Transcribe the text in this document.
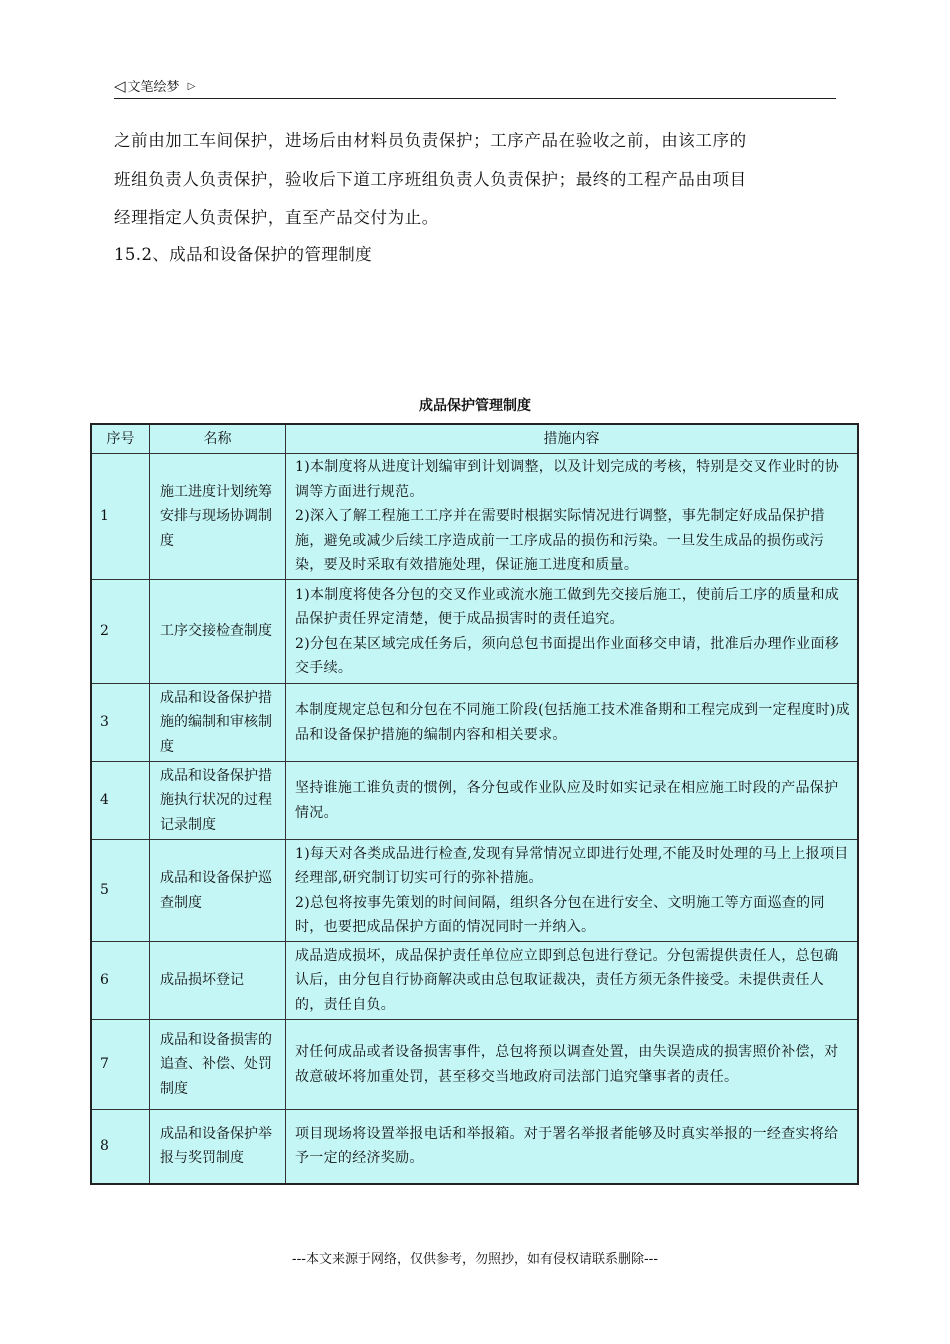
◁ 文笔绘梦 ▷

之前由加工车间保护，进场后由材料员负责保护；工序产品在验收之前，由该工序的

班组负责人负责保护，验收后下道工序班组负责人负责保护；最终的工程产品由项目

经理指定人负责保护，直至产品交付为止。

15.2、成品和设备保护的管理制度
成品保护管理制度
序号	名称	措施内容
1	施工进度计划统筹安排与现场协调制度	1)本制度将从进度计划编审到计划调整，以及计划完成的考核，特别是交叉作业时的协调等方面进行规范。
2)深入了解工程施工工序并在需要时根据实际情况进行调整，事先制定好成品保护措施，避免或减少后续工序造成前一工序成品的损伤和污染。一旦发生成品的损伤或污染，要及时采取有效措施处理，保证施工进度和质量。

2	工序交接检查制度	1)本制度将使各分包的交叉作业或流水施工做到先交接后施工，使前后工序的质量和成品保护责任界定清楚，便于成品损害时的责任追究。
2)分包在某区域完成任务后，须向总包书面提出作业面移交申请，批准后办理作业面移交手续。

3	成品和设备保护措施的编制和审核制度	本制度规定总包和分包在不同施工阶段(包括施工技术准备期和工程完成到一定程度时)成品和设备保护措施的编制内容和相关要求。

4	成品和设备保护措施执行状况的过程记录制度	坚持谁施工谁负责的惯例，各分包或作业队应及时如实记录在相应施工时段的产品保护情况。

5	成品和设备保护巡查制度	1)每天对各类成品进行检查,发现有异常情况立即进行处理,不能及时处理的马上上报项目经理部,研究制订切实可行的弥补措施。
2)总包将按事先策划的时间间隔，组织各分包在进行安全、文明施工等方面巡查的同时，也要把成品保护方面的情况同时一并纳入。

6	成品损坏登记	成品造成损坏，成品保护责任单位应立即到总包进行登记。分包需提供责任人，总包确认后，由分包自行协商解决或由总包取证裁决，责任方须无条件接受。未提供责任人的，责任自负。

7	成品和设备损害的追查、补偿、处罚制度	对任何成品或者设备损害事件，总包将预以调查处置，由失误造成的损害照价补偿，对故意破坏将加重处罚，甚至移交当地政府司法部门追究肇事者的责任。

8	成品和设备保护举报与奖罚制度	项目现场将设置举报电话和举报箱。对于署名举报者能够及时真实举报的一经查实将给予一定的经济奖励。
---本文来源于网络，仅供参考，勿照抄，如有侵权请联系删除---
